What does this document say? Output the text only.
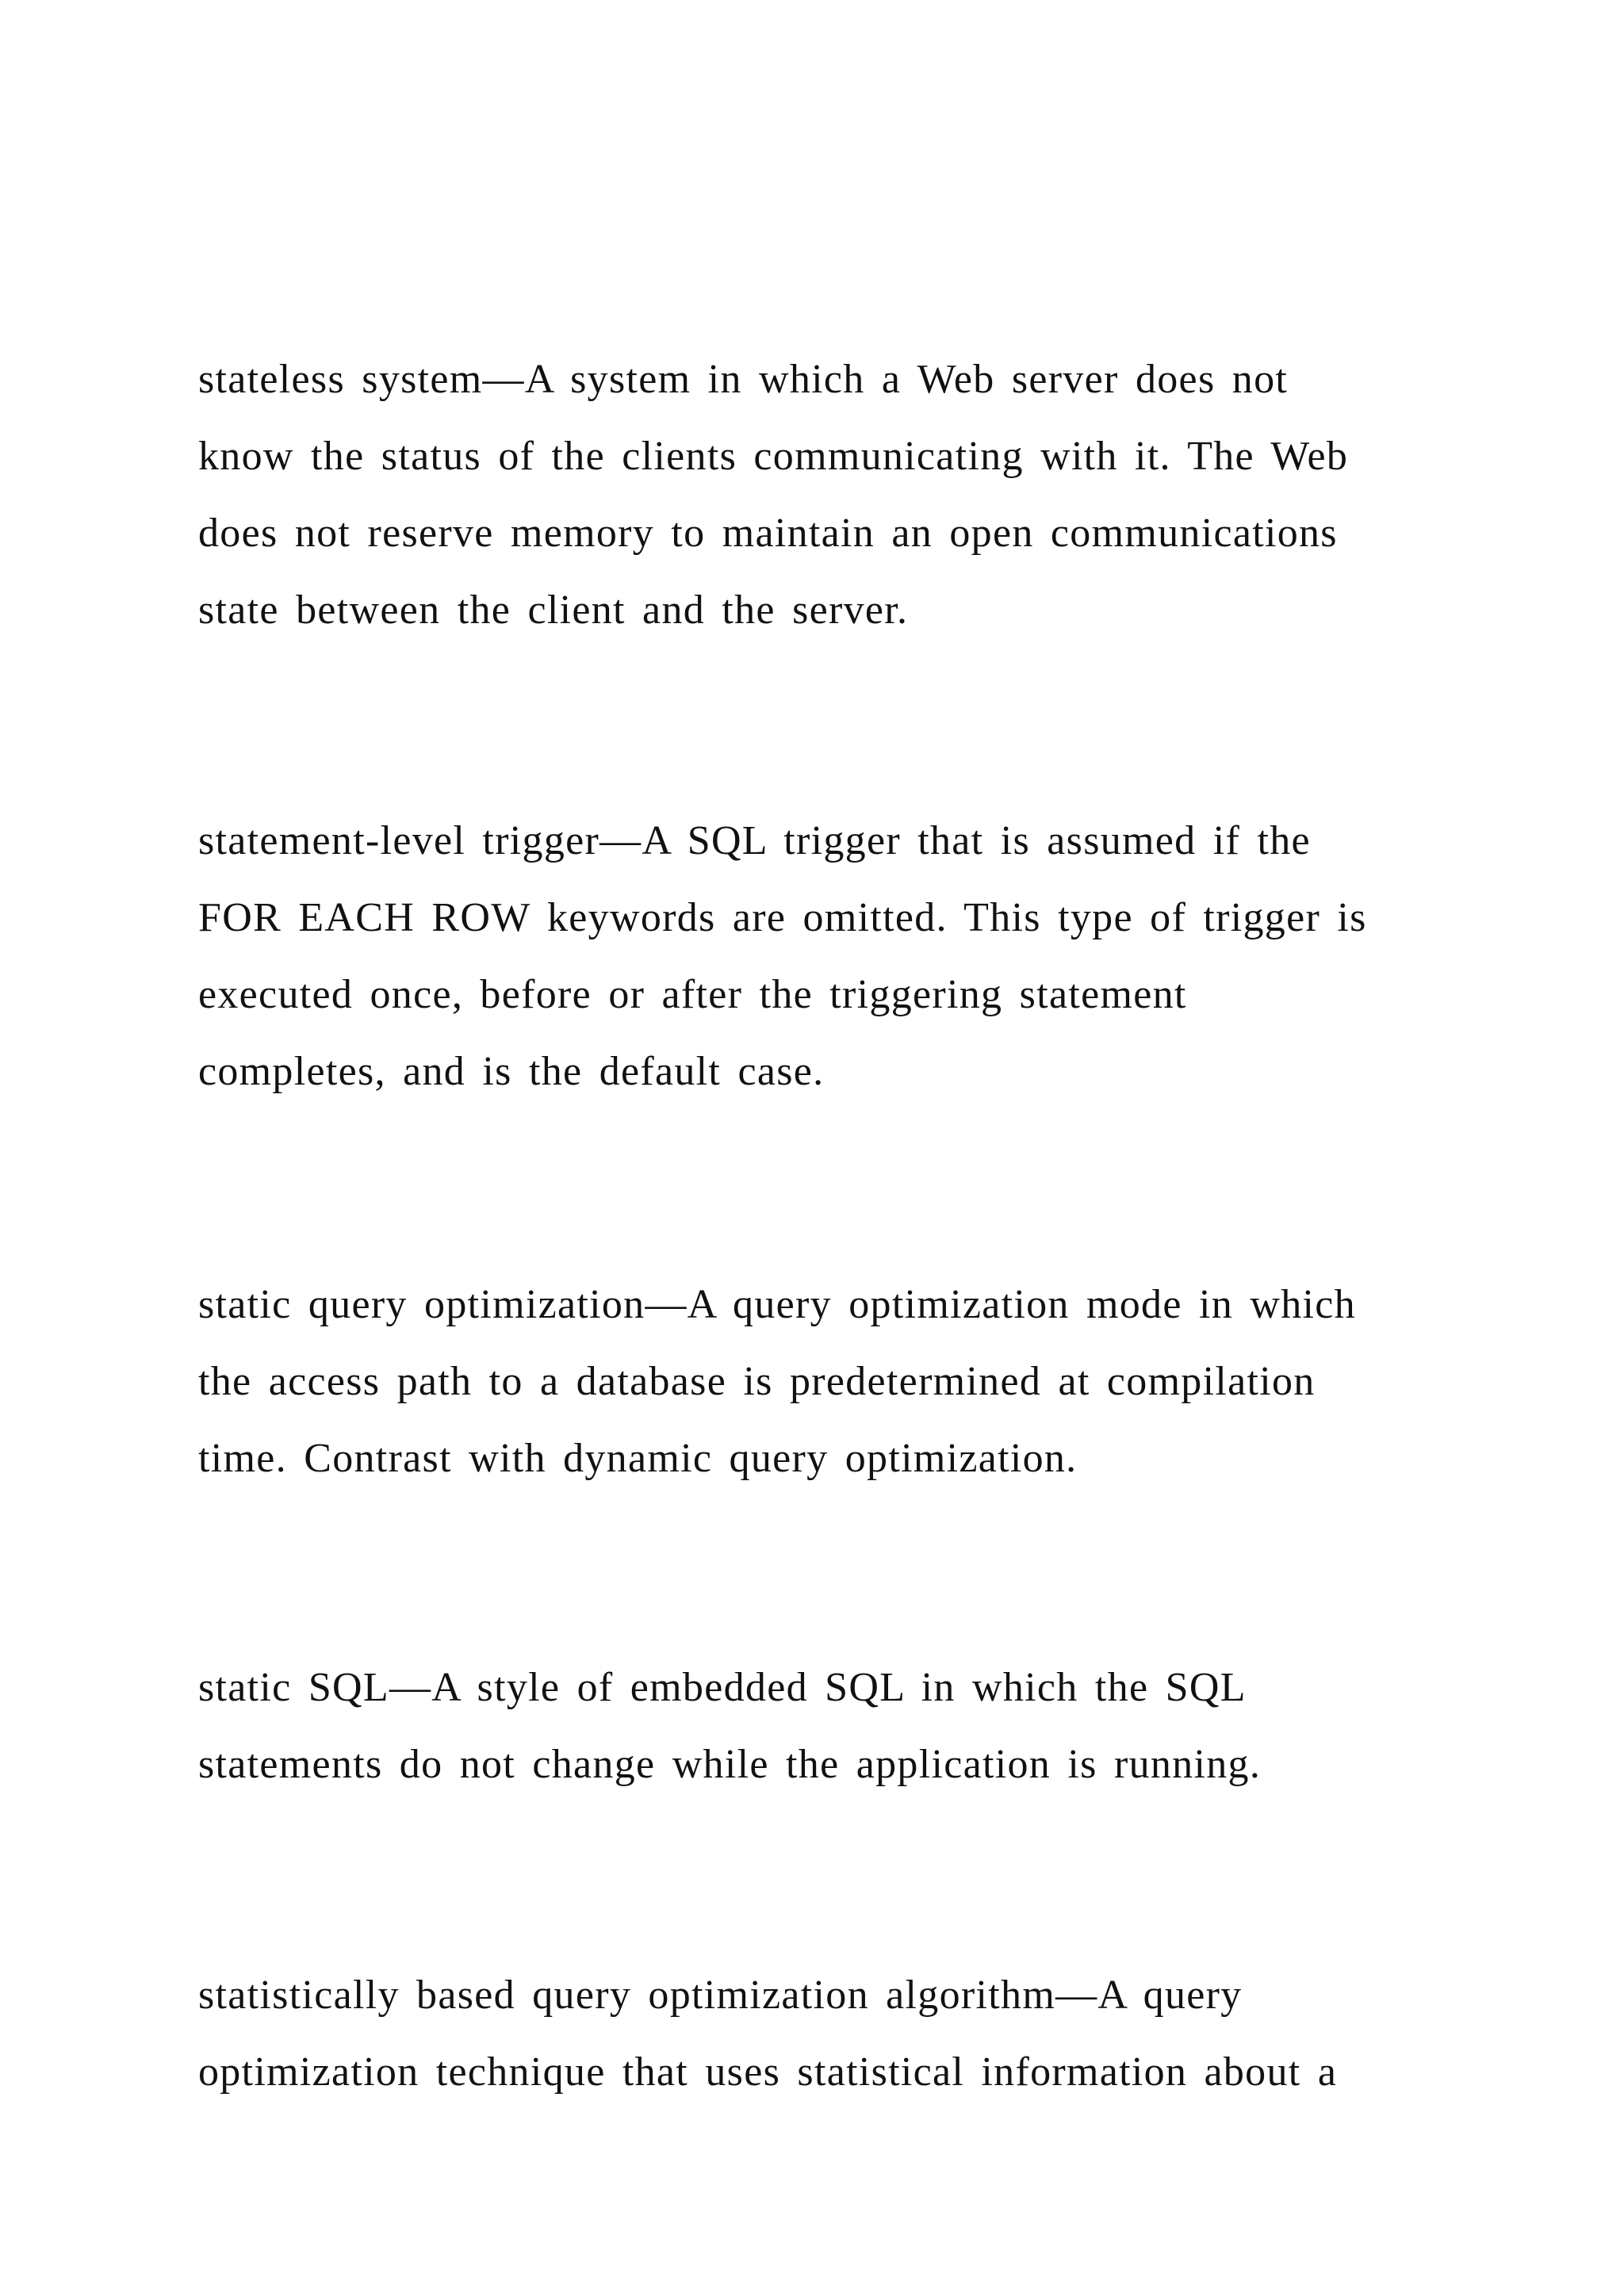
stateless system—A system in which a Web server does not
know the status of the clients communicating with it. The Web
does not reserve memory to maintain an open communications
state between the client and the server.
statement-level trigger—A SQL trigger that is assumed if the
FOR EACH ROW keywords are omitted. This type of trigger is
executed once, before or after the triggering statement
completes, and is the default case.
static query optimization—A query optimization mode in which
the access path to a database is predetermined at compilation
time. Contrast with dynamic query optimization.
static SQL—A style of embedded SQL in which the SQL
statements do not change while the application is running.
statistically based query optimization algorithm—A query
optimization technique that uses statistical information about a
